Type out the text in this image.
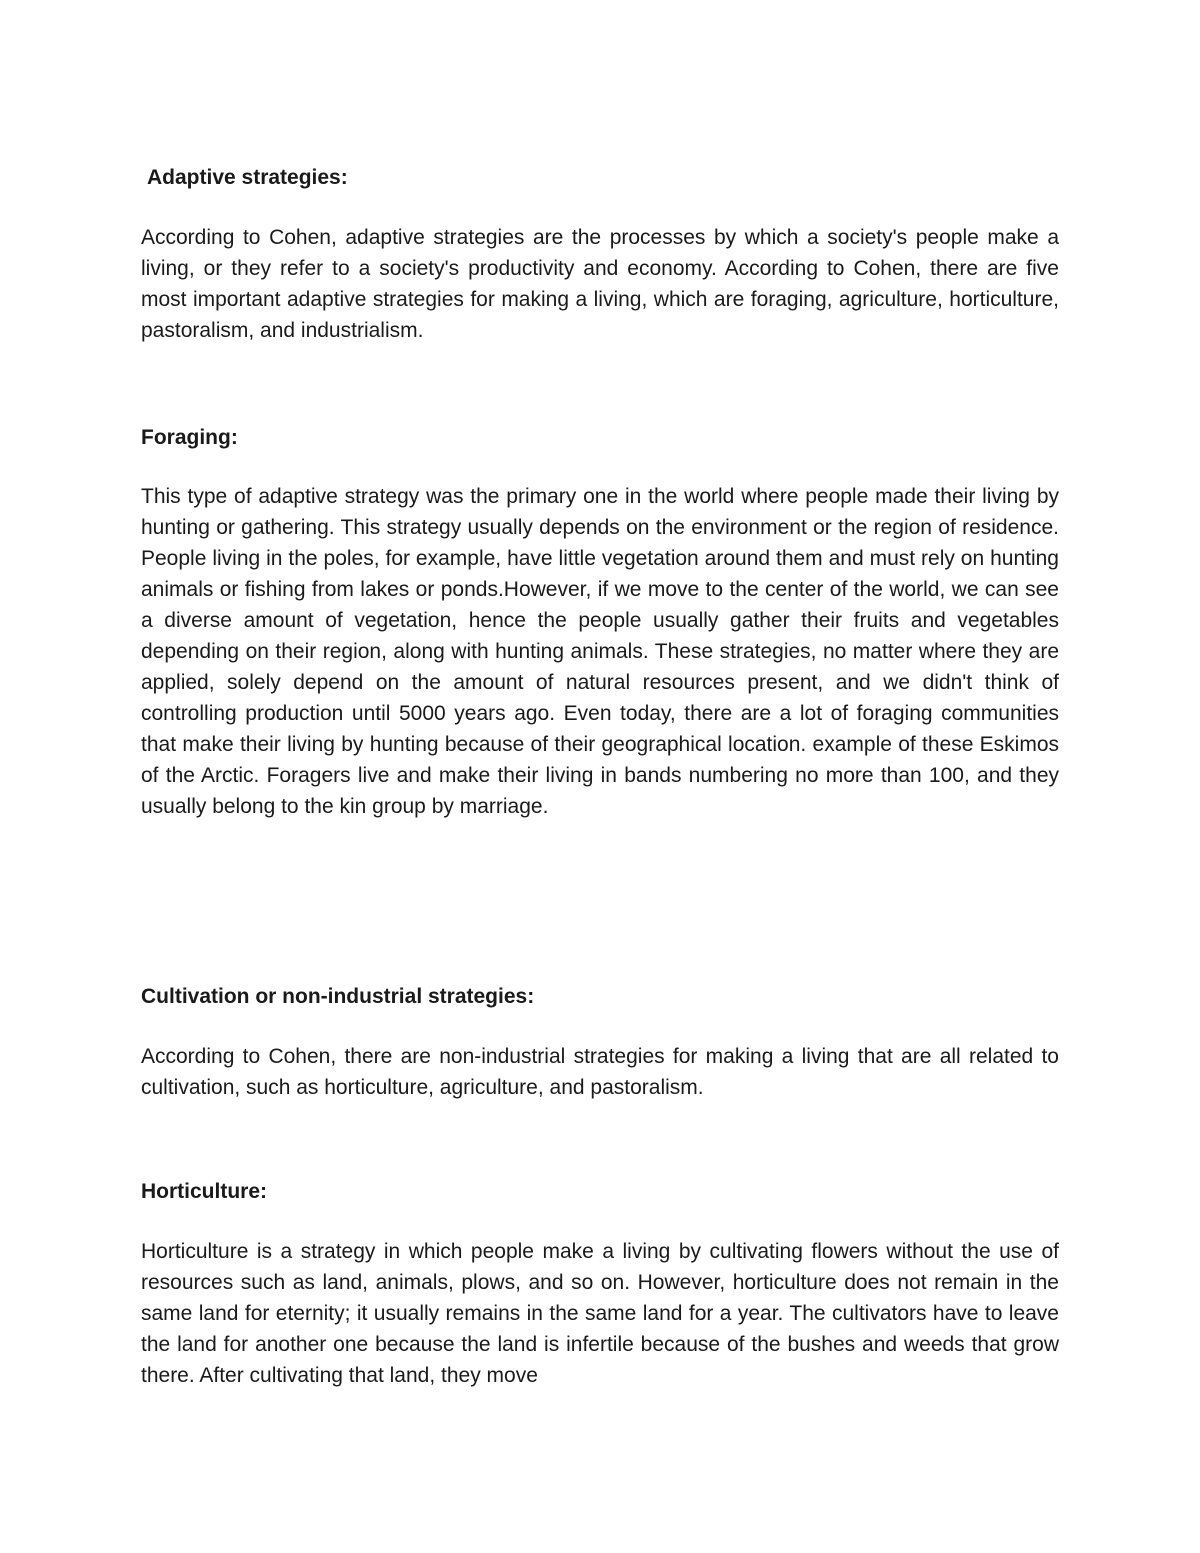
Adaptive strategies:

According to Cohen, adaptive strategies are the processes by which a society's people make a living, or they refer to a society's productivity and economy. According to Cohen, there are five most important adaptive strategies for making a living, which are foraging, agriculture, horticulture, pastoralism, and industrialism.

Foraging:

This type of adaptive strategy was the primary one in the world where people made their living by hunting or gathering. This strategy usually depends on the environment or the region of residence. People living in the poles, for example, have little vegetation around them and must rely on hunting animals or fishing from lakes or ponds.However, if we move to the center of the world, we can see a diverse amount of vegetation, hence the people usually gather their fruits and vegetables depending on their region, along with hunting animals. These strategies, no matter where they are applied, solely depend on the amount of natural resources present, and we didn't think of controlling production until 5000 years ago. Even today, there are a lot of foraging communities that make their living by hunting because of their geographical location. example of these Eskimos of the Arctic. Foragers live and make their living in bands numbering no more than 100, and they usually belong to the kin group by marriage.

Cultivation or non-industrial strategies:

According to Cohen, there are non-industrial strategies for making a living that are all related to cultivation, such as horticulture, agriculture, and pastoralism.

Horticulture:

Horticulture is a strategy in which people make a living by cultivating flowers without the use of resources such as land, animals, plows, and so on. However, horticulture does not remain in the same land for eternity; it usually remains in the same land for a year. The cultivators have to leave the land for another one because the land is infertile because of the bushes and weeds that grow there. After cultivating that land, they move
